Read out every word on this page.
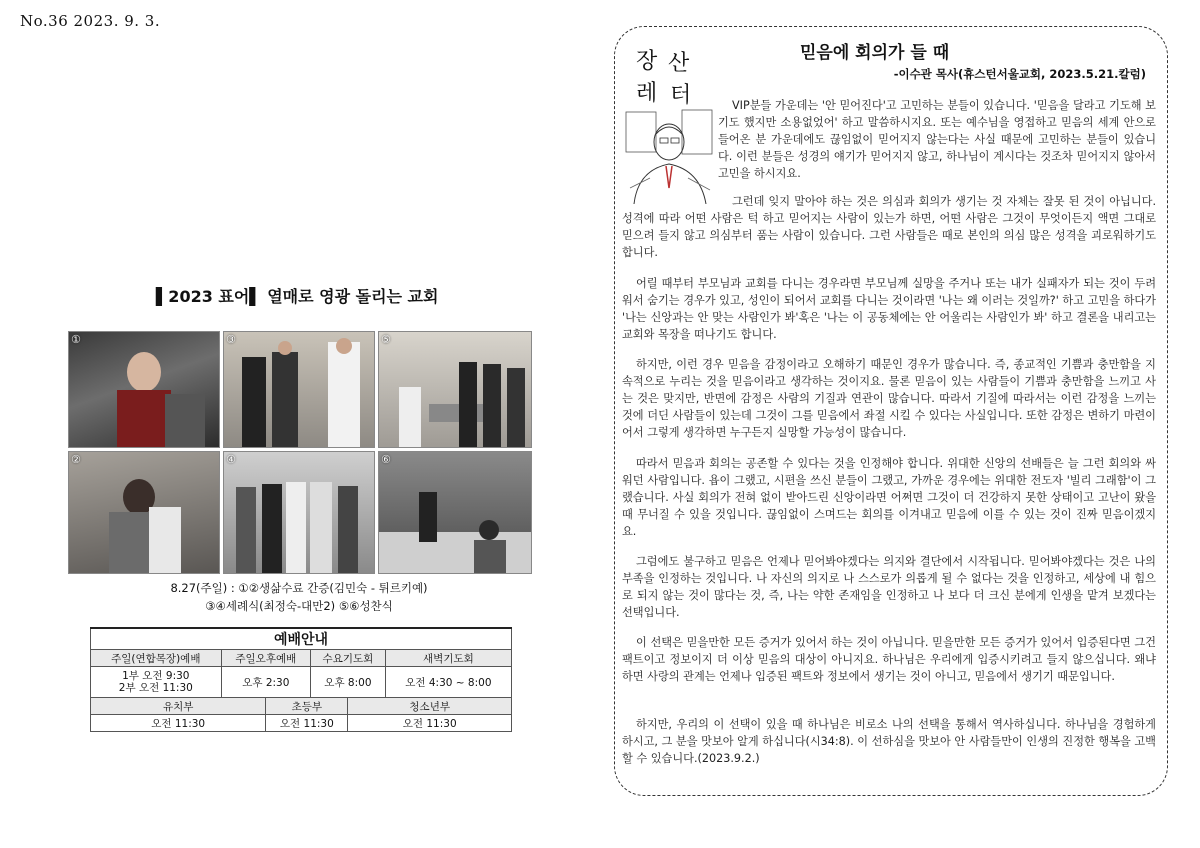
No.36 2023. 9. 3.
▌2023 표어▌ 열매로 영광 돌리는 교회
①	③	⑤
②	④	⑥
8.27(주일) : ①②생삶수료 간증(김민숙 - 튀르키예)
③④세례식(최정숙-대만2) ⑤⑥성찬식
예배안내					
주일(연합목장)예배	주일오후예배		수요기도회		새벽기도회
1부 오전 9:30
2부 오전 11:30	오후 2:30		오후 8:00		오전 4:30 ~ 8:00
유치부		초등부		청소년부	
오전 11:30		오전 11:30		오전 11:30	
장 산
레 터
믿음에 회의가 들 때
-이수관 목사(휴스턴서울교회, 2023.5.21.칼럼)
VIP분들 가운데는 '안 믿어진다'고 고민하는 분들이 있습니다. '믿음을 달라고 기도해 보기도 했지만 소용없었어' 하고 말씀하시지요. 또는 예수님을 영접하고 믿음의 세계 안으로 들어온 분 가운데에도 끊임없이 믿어지지 않는다는 사실 때문에 고민하는 분들이 있습니다. 이런 분들은 성경의 얘기가 믿어지지 않고, 하나님이 계시다는 것조차 믿어지지 않아서 고민을 하시지요.
그런데 잊지 말아야 하는 것은 의심과 회의가 생기는 것 자체는 잘못 된 것이 아닙니다. 성격에 따라 어떤 사람은 턱 하고 믿어지는 사람이 있는가 하면, 어떤 사람은 그것이 무엇이든지 액면 그대로 믿으려 들지 않고 의심부터 품는 사람이 있습니다. 그런 사람들은 때로 본인의 의심 많은 성격을 괴로워하기도 합니다.
어릴 때부터 부모님과 교회를 다니는 경우라면 부모님께 실망을 주거나 또는 내가 실패자가 되는 것이 두려워서 숨기는 경우가 있고, 성인이 되어서 교회를 다니는 것이라면 '나는 왜 이러는 것일까?' 하고 고민을 하다가 '나는 신앙과는 안 맞는 사람인가 봐'혹은 '나는 이 공동체에는 안 어울리는 사람인가 봐' 하고 결론을 내리고는 교회와 목장을 떠나기도 합니다.
하지만, 이런 경우 믿음을 감정이라고 오해하기 때문인 경우가 많습니다. 즉, 종교적인 기쁨과 충만함을 지속적으로 누리는 것을 믿음이라고 생각하는 것이지요. 물론 믿음이 있는 사람들이 기쁨과 충만함을 느끼고 사는 것은 맞지만, 반면에 감정은 사람의 기질과 연관이 많습니다. 따라서 기질에 따라서는 이런 감정을 느끼는 것에 더딘 사람들이 있는데 그것이 그를 믿음에서 좌절 시킬 수 있다는 사실입니다. 또한 감정은 변하기 마련이어서 그렇게 생각하면 누구든지 실망할 가능성이 많습니다.
따라서 믿음과 회의는 공존할 수 있다는 것을 인정해야 합니다. 위대한 신앙의 선배들은 늘 그런 회의와 싸워던 사람입니다. 욥이 그랬고, 시편을 쓰신 분들이 그랬고, 가까운 경우에는 위대한 전도자 '빌리 그래함'이 그랬습니다. 사실 회의가 전혀 없이 받아드린 신앙이라면 어쩌면 그것이 더 건강하지 못한 상태이고 고난이 왔을 때 무너질 수 있을 것입니다. 끊임없이 스며드는 회의를 이겨내고 믿음에 이를 수 있는 것이 진짜 믿음이겠지요.
그럼에도 불구하고 믿음은 언제나 믿어봐야겠다는 의지와 결단에서 시작됩니다. 믿어봐야겠다는 것은 나의 부족을 인정하는 것입니다. 나 자신의 의지로 나 스스로가 의롭게 될 수 없다는 것을 인정하고, 세상에 내 힘으로 되지 않는 것이 많다는 것, 즉, 나는 약한 존재임을 인정하고 나 보다 더 크신 분에게 인생을 맡겨 보겠다는 선택입니다.
이 선택은 믿을만한 모든 증거가 있어서 하는 것이 아닙니다. 믿을만한 모든 증거가 있어서 입증된다면 그건 팩트이고 정보이지 더 이상 믿음의 대상이 아니지요. 하나님은 우리에게 입증시키려고 들지 않으십니다. 왜냐하면 사랑의 관계는 언제나 입증된 팩트와 정보에서 생기는 것이 아니고, 믿음에서 생기기 때문입니다.
하지만, 우리의 이 선택이 있을 때 하나님은 비로소 나의 선택을 통해서 역사하십니다. 하나님을 경험하게 하시고, 그 분을 맛보아 알게 하십니다(시34:8). 이 선하심을 맛보아 안 사람들만이 인생의 진정한 행복을 고백할 수 있습니다.(2023.9.2.)
